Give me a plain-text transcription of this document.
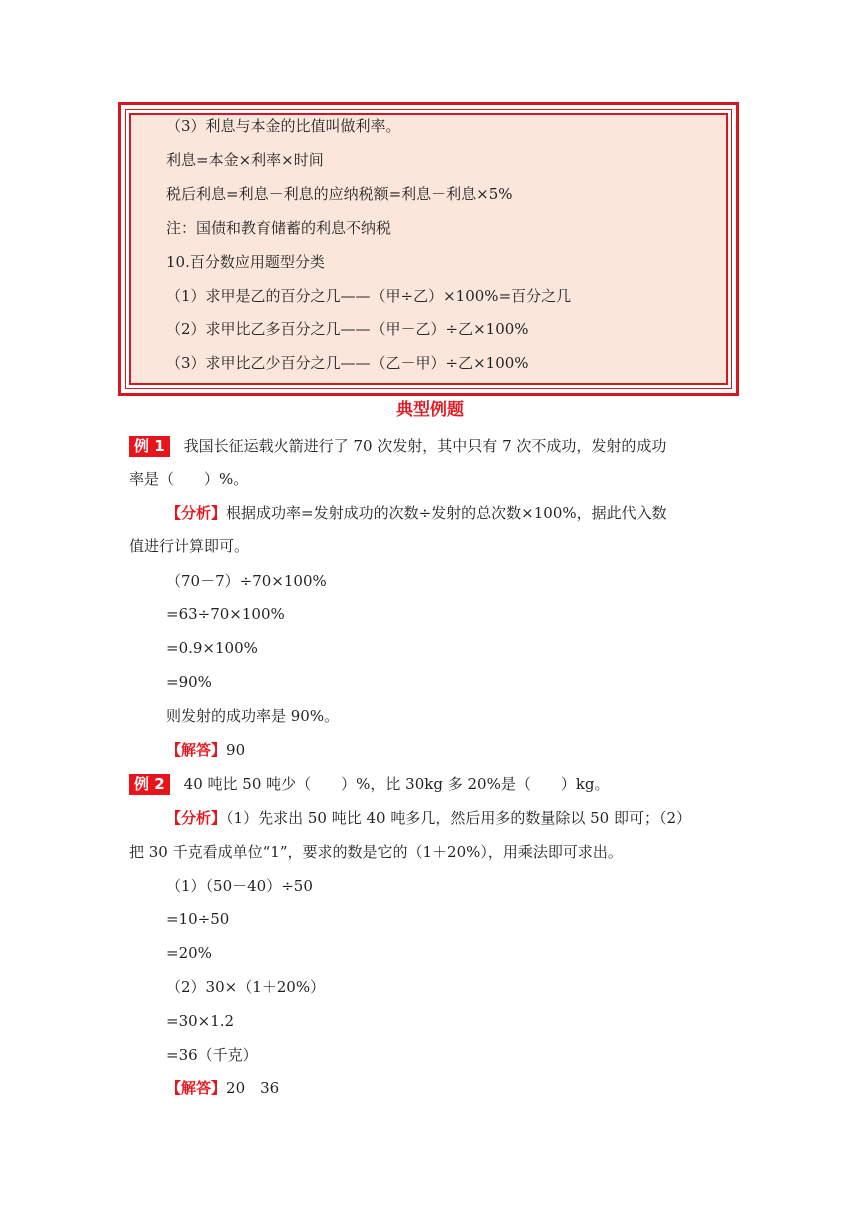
（3）利息与本金的比值叫做利率。
利息=本金×利率×时间
税后利息=利息－利息的应纳税额=利息－利息×5%
注：国债和教育储蓄的利息不纳税
10.百分数应用题型分类
（1）求甲是乙的百分之几——（甲÷乙）×100%=百分之几
（2）求甲比乙多百分之几——（甲－乙）÷乙×100%
（3）求甲比乙少百分之几——（乙－甲）÷乙×100%
典型例题
例 1 我国长征运载火箭进行了 70 次发射，其中只有 7 次不成功，发射的成功
率是（　　）%。
【分析】根据成功率=发射成功的次数÷发射的总次数×100%，据此代入数
值进行计算即可。
（70－7）÷70×100%
=63÷70×100%
=0.9×100%
=90%
则发射的成功率是 90%。
【解答】90
例 2 40 吨比 50 吨少（　　）%，比 30kg 多 20%是（　　）kg。
【分析】（1）先求出 50 吨比 40 吨多几，然后用多的数量除以 50 即可；（2）
把 30 千克看成单位“1”，要求的数是它的（1＋20%），用乘法即可求出。
（1）（50－40）÷50
=10÷50
=20%
（2）30×（1＋20%）
=30×1.2
=36（千克）
【解答】20　36
